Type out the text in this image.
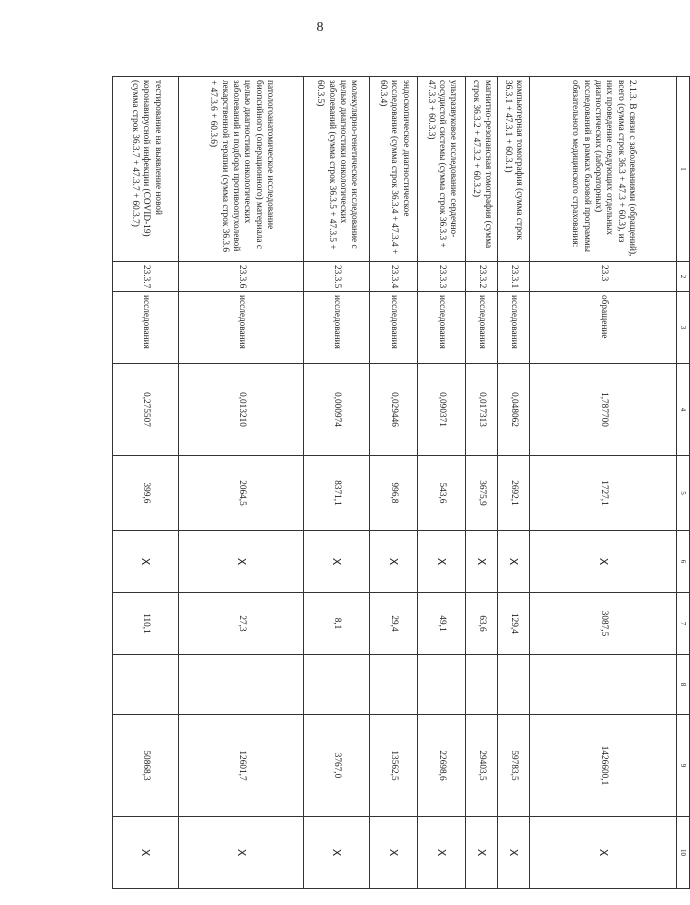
8
1	2	3	4	5	6	7	8	9	10
2.1.3. В связи с заболеваниями (обращений), всего (сумма строк 36.3 + 47.3 + 60.3), из них проведение следующих отдельных диагностических (лабораторных) исследований в рамках базовой программы обязательного медицинского страхования:	23.3	обращение	1,787700	1727,1	X	3087,5		1426600,1	X
компьютерная томография (сумма строк 36.3.1 + 47.3.1 + 60.3.1)	23.3.1	исследования	0,048062	2692,1	X	129,4		59783,5	X
магнитно-резонансная томография (сумма строк 36.3.2 + 47.3.2 + 60.3.2)	23.3.2	исследования	0,017313	3675,9	X	63,6		29403,5	X
ультразвуковое исследование сердечно-сосудистой системы (сумма строк 36.3.3 + 47.3.3 + 60.3.3)	23.3.3	исследования	0,090371	543,6	X	49,1		22698,6	X
эндоскопическое диагностическое исследование (сумма строк 36.3.4 + 47.3.4 + 60.3.4)	23.3.4	исследования	0,029446	996,8	X	29,4		13562,5	X
молекулярно-генетическое исследование с целью диагностики онкологических заболеваний (сумма строк 36.3.5 + 47.3.5 + 60.3.5)	23.3.5	исследования	0,000974	8371,1	X	8,1		3767,0	X
патологоанатомическое исследование биопсийного (операционного) материала с целью диагностики онкологических заболеваний и подбора противоопухолевой лекарственной терапии (сумма строк 36.3.6 + 47.3.6 + 60.3.6)	23.3.6	исследования	0,013210	2064,5	X	27,3		12601,7	X
тестирование на выявление новой коронавирусной инфекции (COVID-19) (сумма строк 36.3.7 + 47.3.7 + 60.3.7)	23.3.7	исследования	0,275507	399,6	X	110,1		50868,3	X
